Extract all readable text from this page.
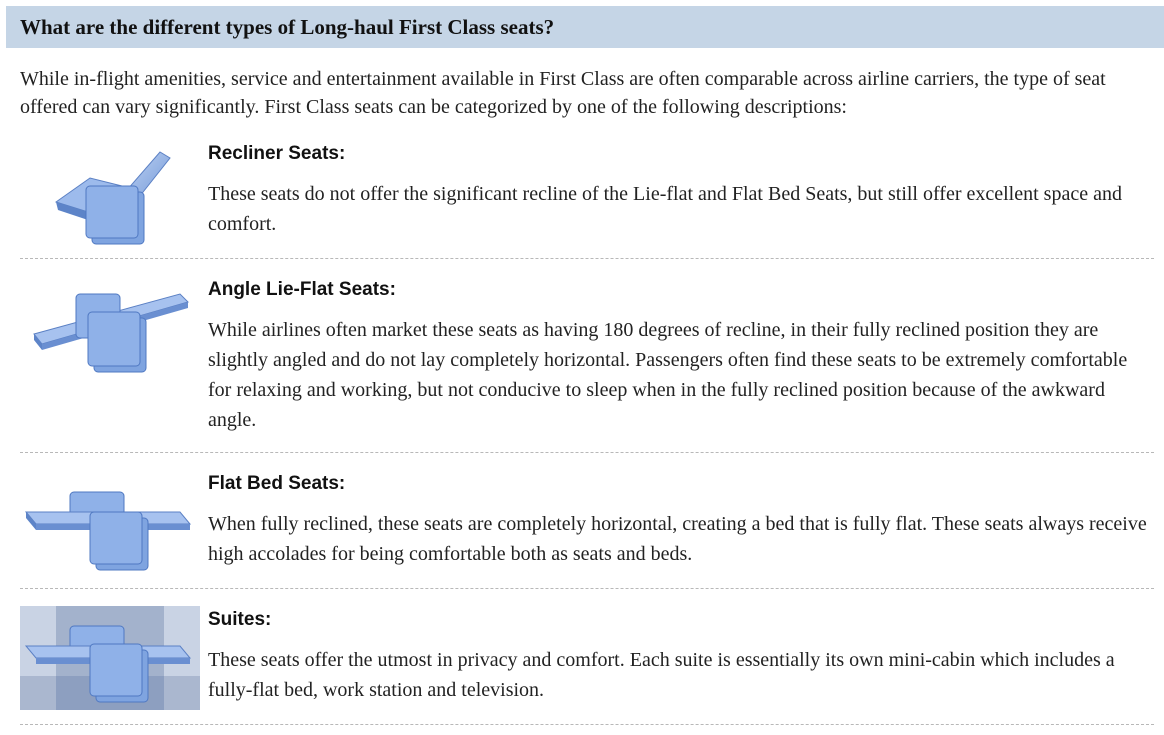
What are the different types of Long-haul First Class seats?

While in-flight amenities, service and entertainment available in First Class are often comparable across airline carriers, the type of seat offered can vary significantly. First Class seats can be categorized by one of the following descriptions:

Recliner Seats:

These seats do not offer the significant recline of the Lie-flat and Flat Bed Seats, but still offer excellent space and comfort.

Angle Lie-Flat Seats:

While airlines often market these seats as having 180 degrees of recline, in their fully reclined position they are slightly angled and do not lay completely horizontal. Passengers often find these seats to be extremely comfortable for relaxing and working, but not conducive to sleep when in the fully reclined position because of the awkward angle.

Flat Bed Seats:

When fully reclined, these seats are completely horizontal, creating a bed that is fully flat. These seats always receive high accolades for being comfortable both as seats and beds.

Suites:

These seats offer the utmost in privacy and comfort. Each suite is essentially its own mini-cabin which includes a fully-flat bed, work station and television.
